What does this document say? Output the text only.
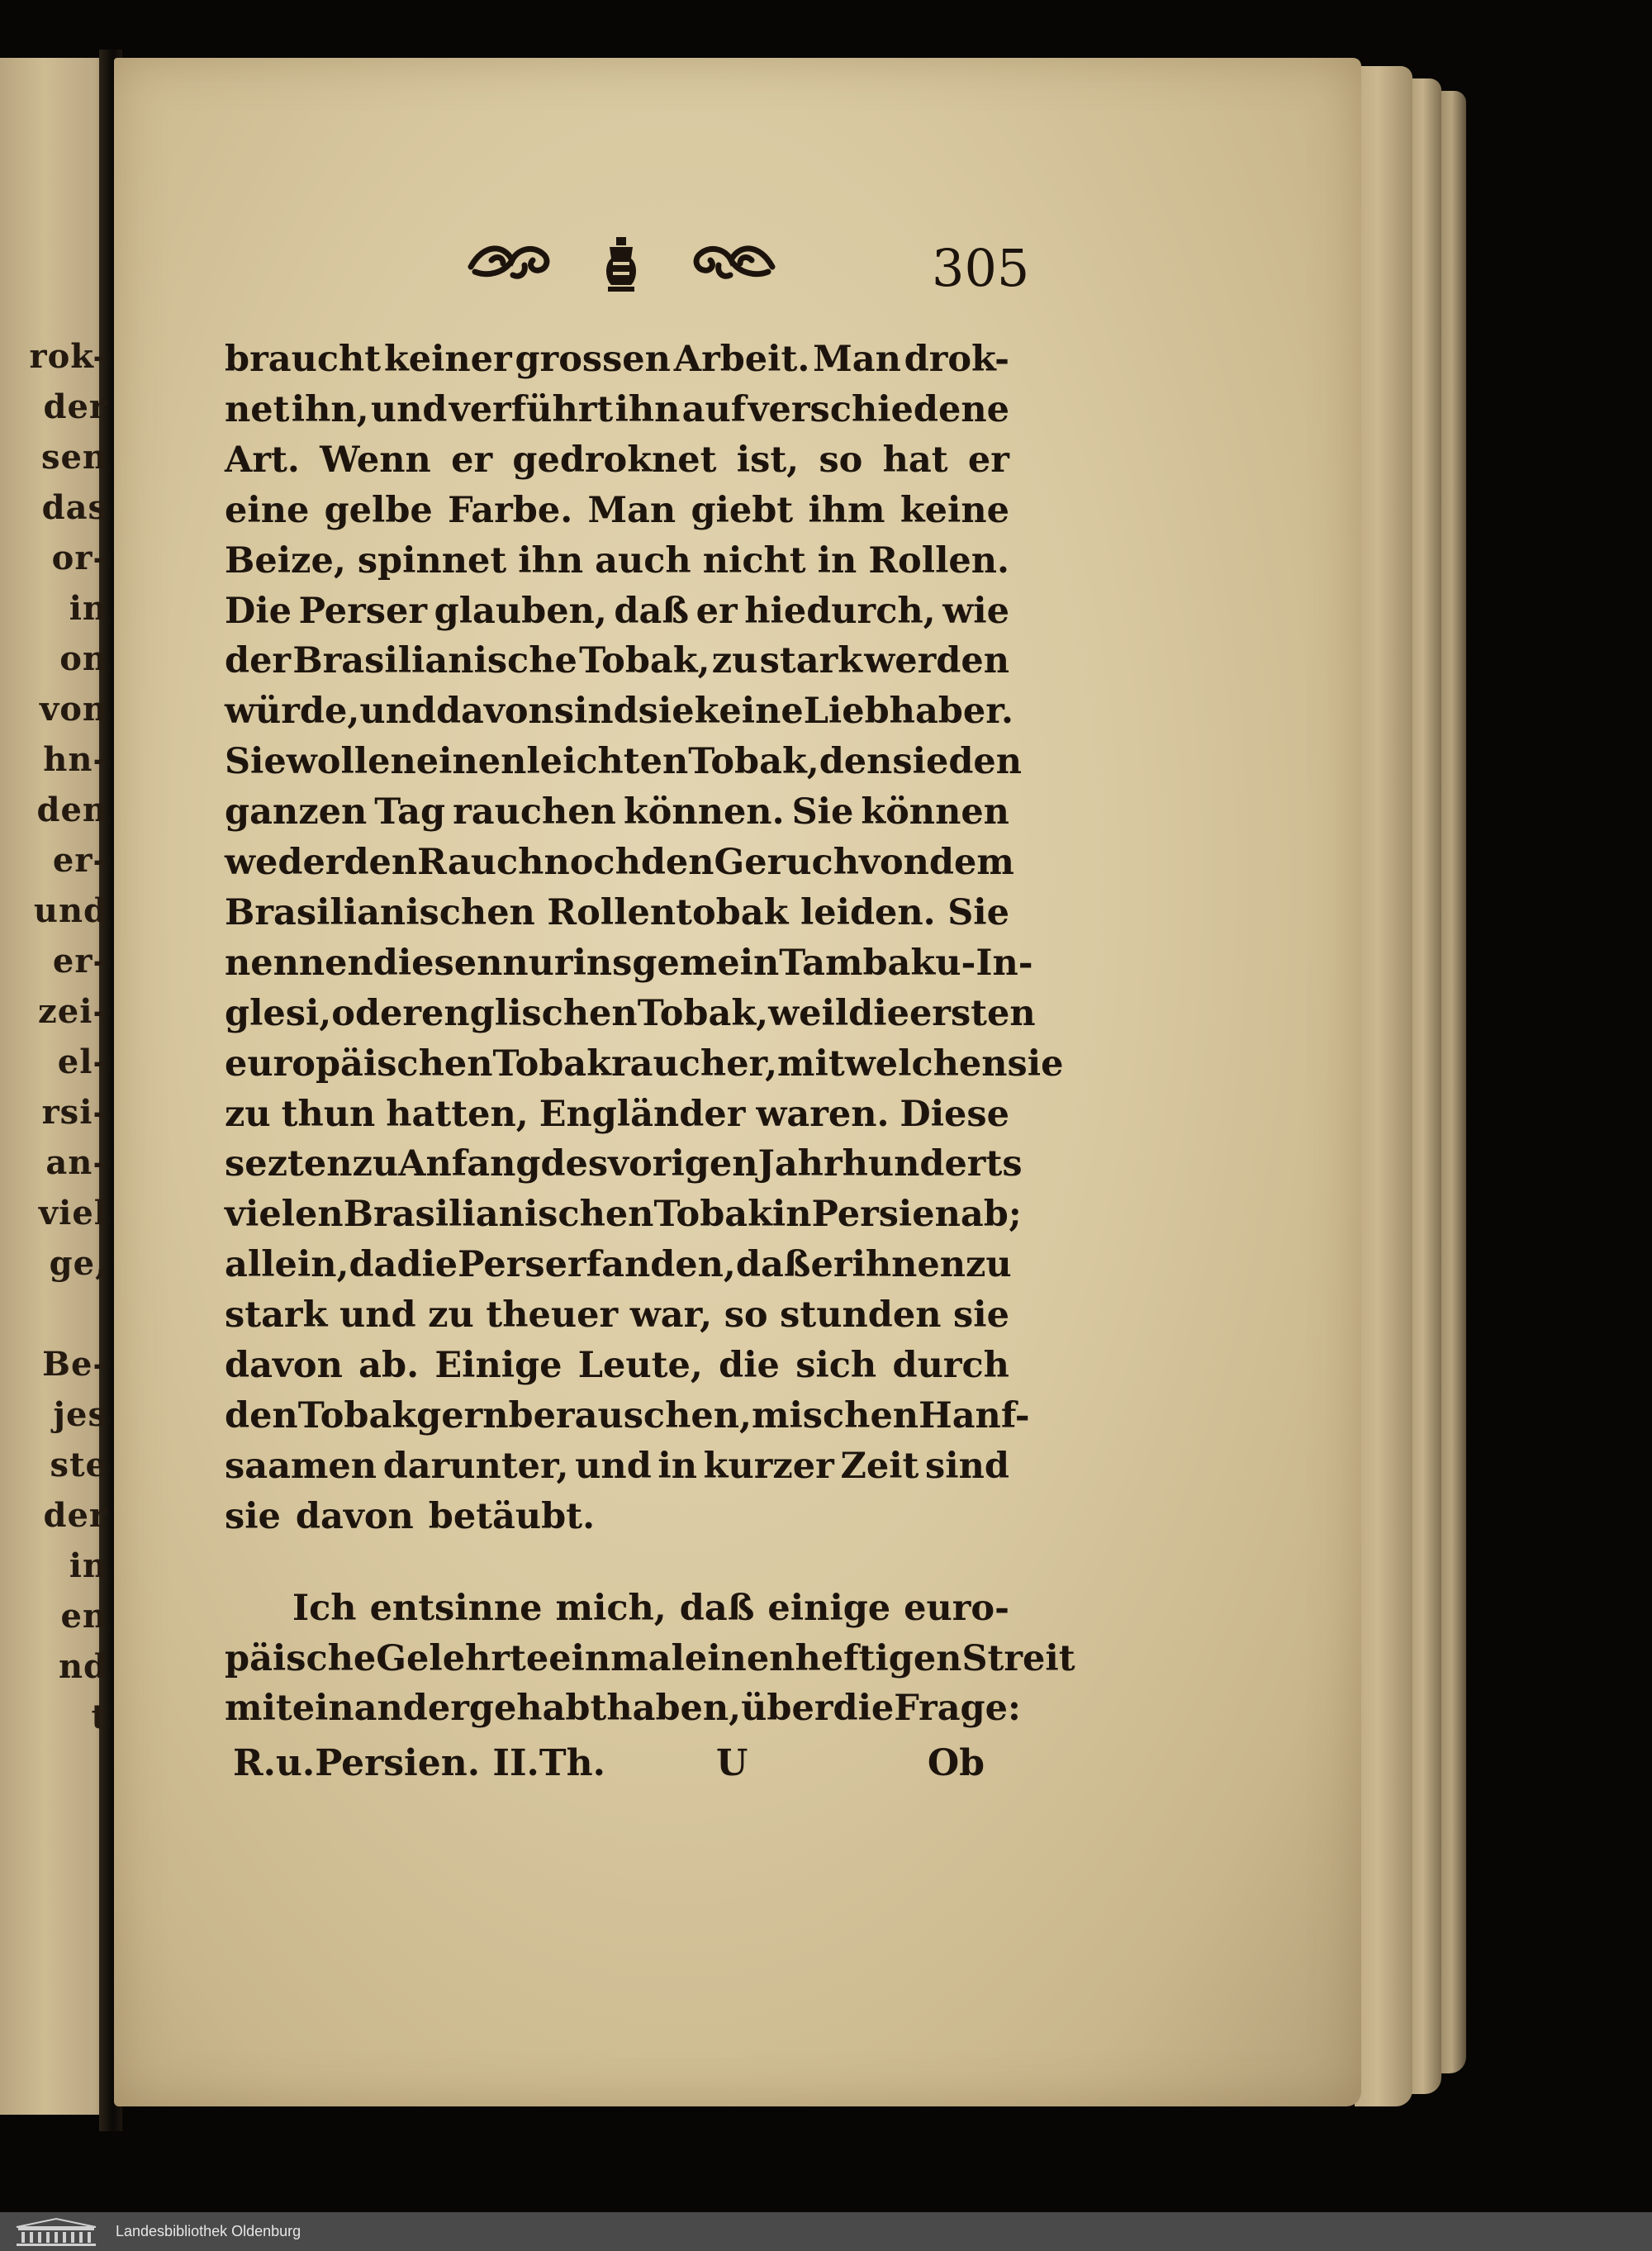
305
rok-
der
sen
das
or-
in
on
von
hn-
den
er-
und
er-
zei-
el-
rsi-
an-
viel
ge,
Be-
jes
ste
der
in
en
nd
t
braucht keiner grossen Arbeit. Man drok-
net ihn, und verführt ihn auf verschiedene
Art. Wenn er gedroknet ist, so hat er
eine gelbe Farbe. Man giebt ihm keine
Beize, spinnet ihn auch nicht in Rollen.
Die Perser glauben, daß er hiedurch, wie
der Brasilianische Tobak, zu stark werden
würde, und davon sind sie keine Liebhaber.
Sie wollen einen leichten Tobak, den sie den
ganzen Tag rauchen können. Sie können
weder den Rauch noch den Geruch von dem
Brasilianischen Rollentobak leiden. Sie
nennen diesen nur insgemein Tambaku-In-
glesi, oder englischen Tobak, weil die ersten
europäischen Tobakraucher, mit welchen sie
zu thun hatten, Engländer waren. Diese
sezten zu Anfang des vorigen Jahrhunderts
vielen Brasilianischen Tobak in Persien ab;
allein, da die Perser fanden, daß er ihnen zu
stark und zu theuer war, so stunden sie
davon ab. Einige Leute, die sich durch
den Tobak gern berauschen, mischen Hanf-
saamen darunter, und in kurzer Zeit sind
sie davon betäubt.
Ich entsinne mich, daß einige euro-
päische Gelehrte einmal einen heftigen Streit
mit einander gehabt haben, über die Frage:
R.u.Persien. II.Th.	U	Ob
Landesbibliothek Oldenburg
